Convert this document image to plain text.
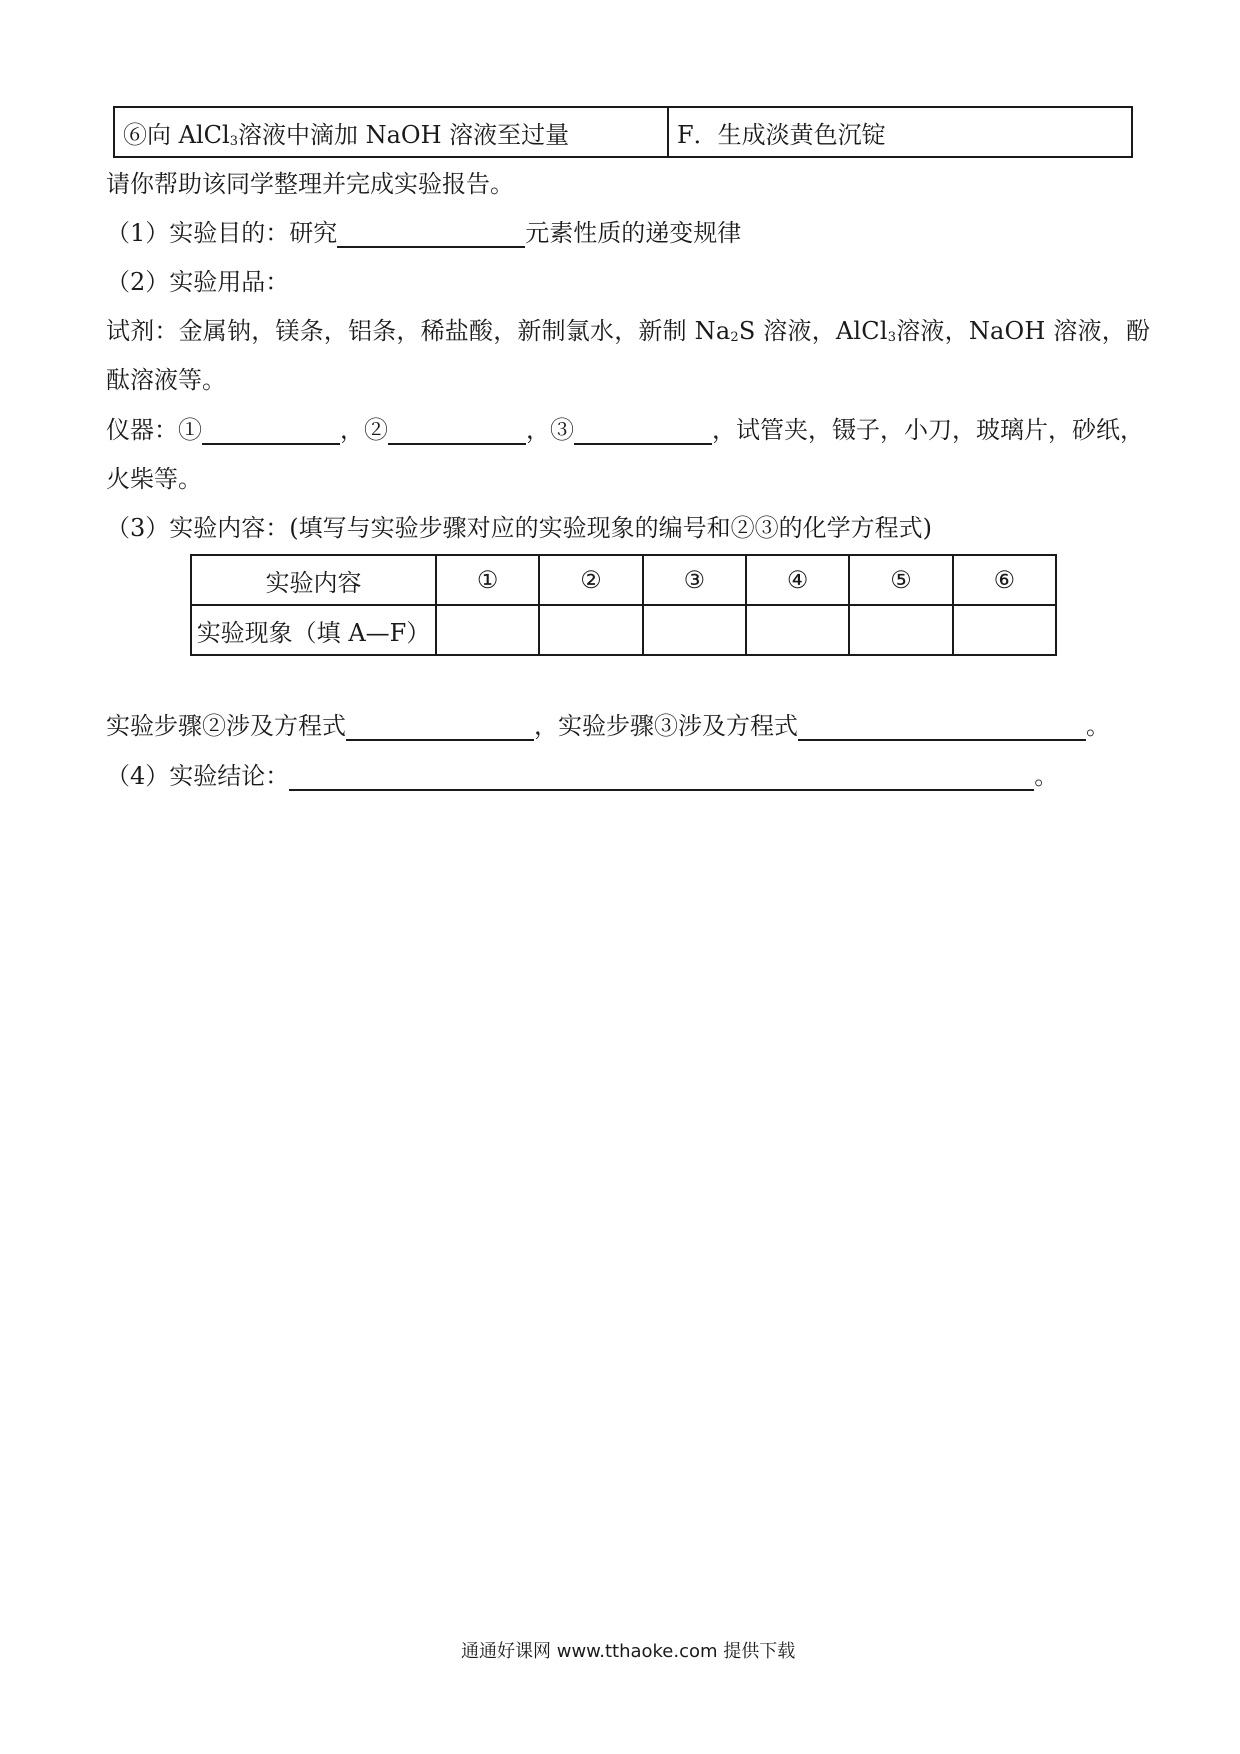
⑥向 AlCl$_3$溶液中滴加 NaOH 溶液至过量	F．生成淡黄色沉锭
请你帮助该同学整理并完成实验报告。
（1）实验目的：研究	元素性质的递变规律
（2）实验用品：
试剂：金属钠，镁条，铝条，稀盐酸，新制氯水，新制 $Na_2S$ 溶液，AlCl$_3$溶液，NaOH 溶液，酚
酞溶液等。
仪器：①	，②	，③	，试管夹，镊子，小刀，玻璃片，砂纸，
火柴等。
（3）实验内容：(填写与实验步骤对应的实验现象的编号和②③的化学方程式)
实验内容	①	②	③	④	⑤	⑥
实验现象（填 A—F）						
实验步骤②涉及方程式	，实验步骤③涉及方程式	。
（4）实验结论：	。
通通好课网 www.tthaoke.com 提供下载
